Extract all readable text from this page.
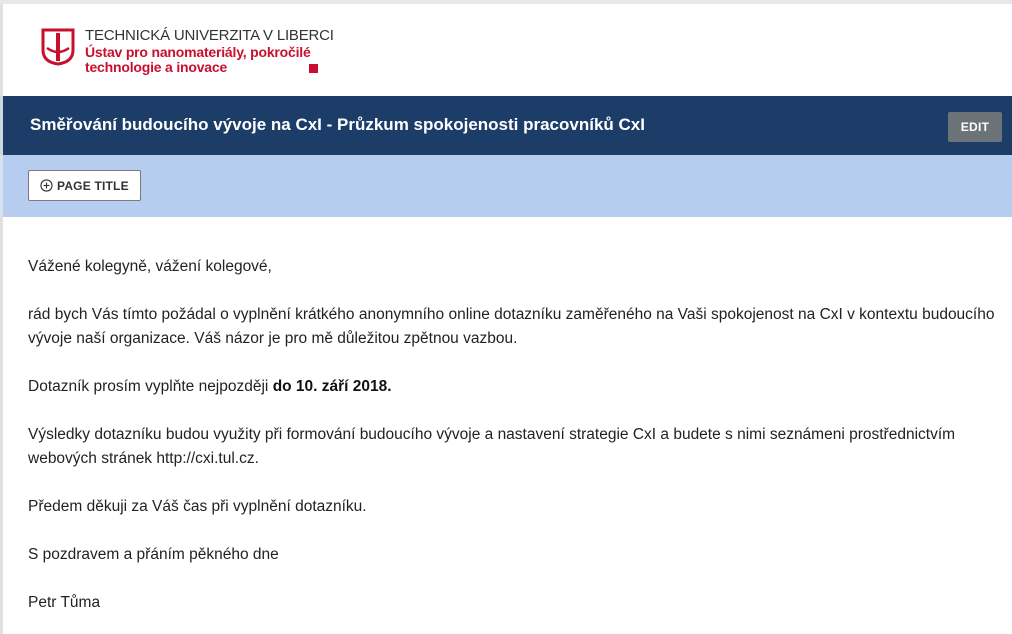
TECHNICKÁ UNIVERZITA V LIBERCI
Ústav pro nanomateriály, pokročilé
technologie a inovace
Směřování budoucího vývoje na CxI - Průzkum spokojenosti pracovníků CxI	EDIT
PAGE TITLE

Vážené kolegyně, vážení kolegové,

rád bych Vás tímto požádal o vyplnění krátkého anonymního online dotazníku zaměřeného na Vaši spokojenost na CxI v kontextu budoucího vývoje naší organizace. Váš názor je pro mě důležitou zpětnou vazbou.

Dotazník prosím vyplňte nejpozději do 10. září 2018.

Výsledky dotazníku budou využity při formování budoucího vývoje a nastavení strategie CxI a budete s nimi seznámeni prostřednictvím webových stránek http://cxi.tul.cz.

Předem děkuji za Váš čas při vyplnění dotazníku.

S pozdravem a přáním pěkného dne

Petr Tůma
